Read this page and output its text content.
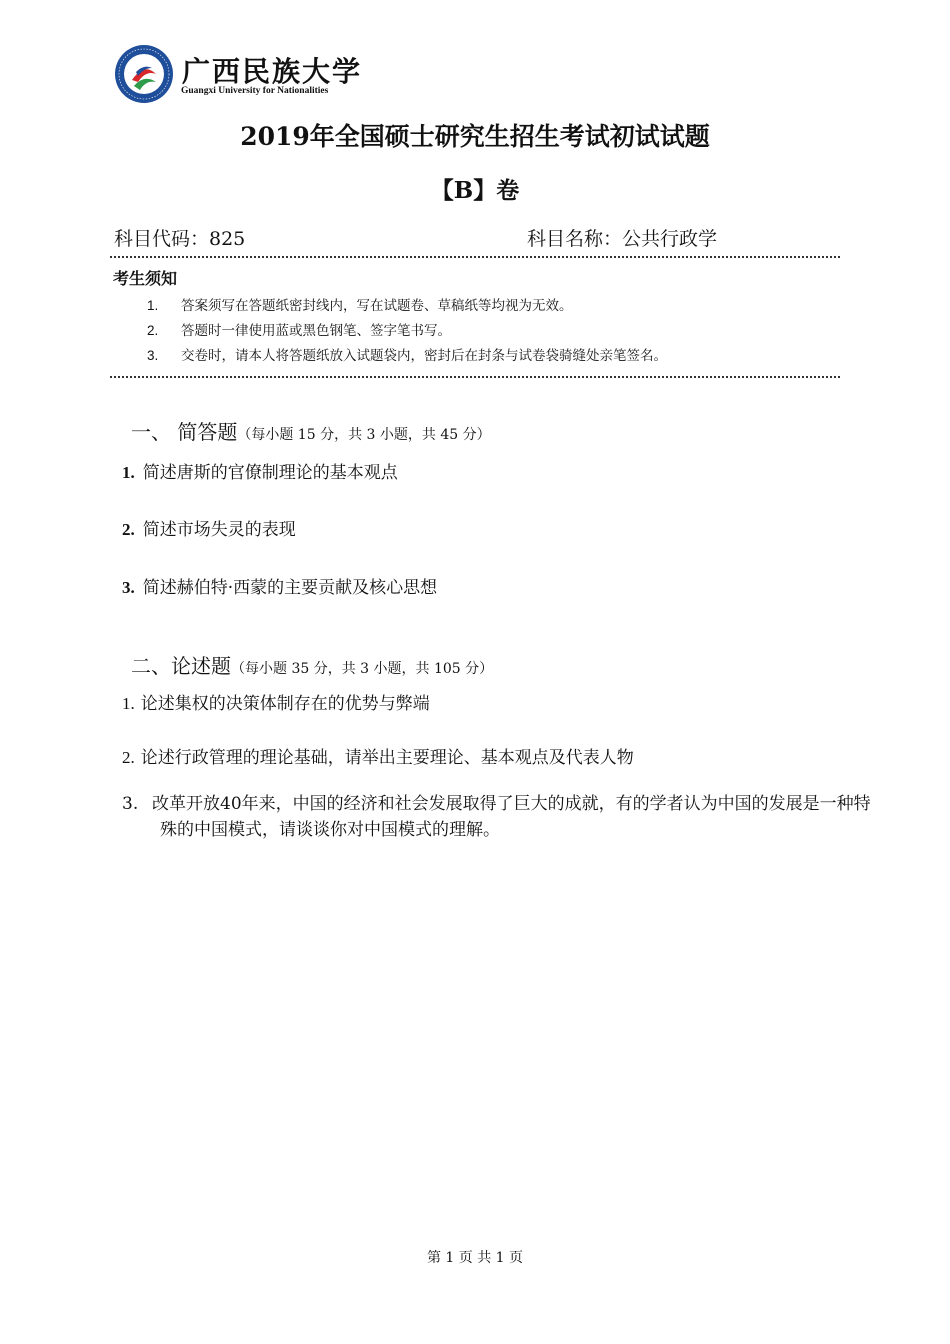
广西民族大学
Guangxi University for Nationalities
2019年全国硕士研究生招生考试初试试题
【B】卷
科目代码：825	科目名称：公共行政学
考生须知
1. 答案须写在答题纸密封线内，写在试题卷、草稿纸等均视为无效。
2. 答题时一律使用蓝或黑色钢笔、签字笔书写。
3. 交卷时，请本人将答题纸放入试题袋内，密封后在封条与试卷袋骑缝处亲笔签名。
一、 简答题（每小题 15 分，共 3 小题，共 45 分）
1. 简述唐斯的官僚制理论的基本观点
2. 简述市场失灵的表现
3. 简述赫伯特·西蒙的主要贡献及核心思想
二、论述题（每小题 35 分，共 3 小题，共 105 分）
1. 论述集权的决策体制存在的优势与弊端
2. 论述行政管理的理论基础，请举出主要理论、基本观点及代表人物
3. 改革开放40年来，中国的经济和社会发展取得了巨大的成就，有的学者认为中国的发展是一种特殊的中国模式，请谈谈你对中国模式的理解。
第 1 页 共 1 页
